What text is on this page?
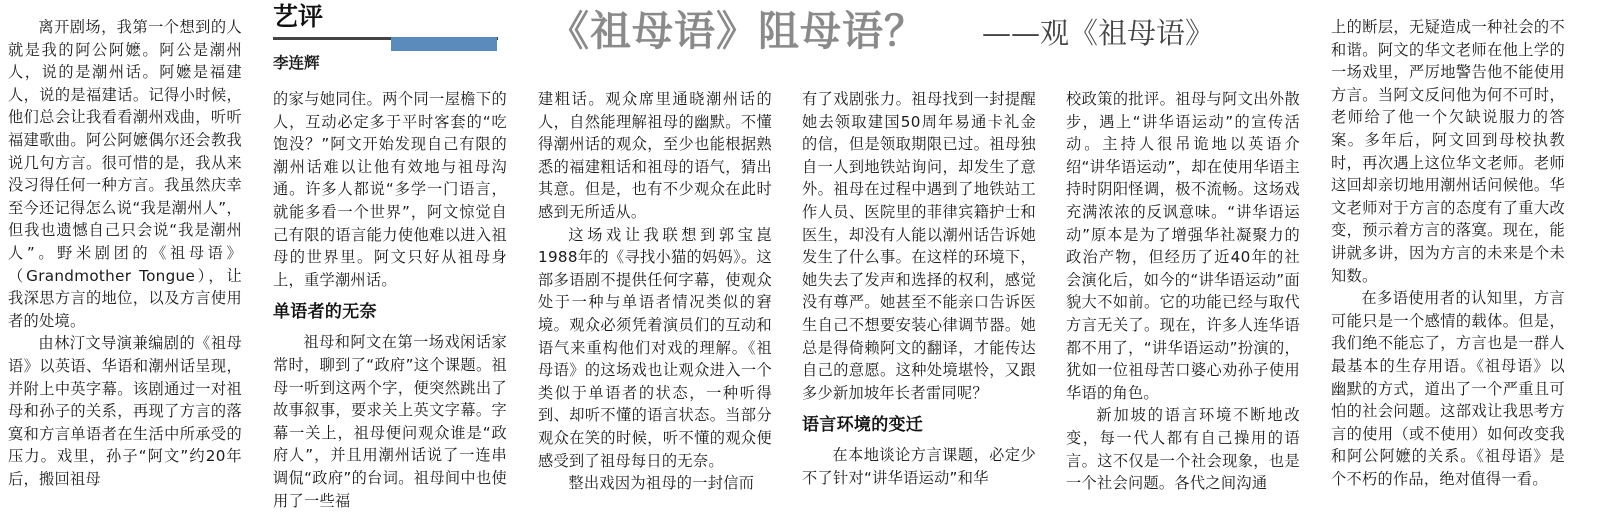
艺评
李连辉
《祖母语》阻母语？ ——观《祖母语》

离开剧场，我第一个想到的人就是我的阿公阿嬷。阿公是潮州人，说的是潮州话。阿嬷是福建人，说的是福建话。记得小时候，他们总会让我看看潮州戏曲，听听福建歌曲。阿公阿嬷偶尔还会教我说几句方言。很可惜的是，我从来没习得任何一种方言。我虽然庆幸至今还记得怎么说“我是潮州人”，但我也遗憾自己只会说“我是潮州人”。野米剧团的《祖母语》（Grandmother Tongue），让我深思方言的地位，以及方言使用者的处境。

由林汀文导演兼编剧的《祖母语》以英语、华语和潮州话呈现，并附上中英字幕。该剧通过一对祖母和孙子的关系，再现了方言的落寞和方言单语者在生活中所承受的压力。戏里，孙子“阿文”约20年后，搬回祖母

的家与她同住。两个同一屋檐下的人，互动必定多于平时客套的“吃饱没？”阿文开始发现自己有限的潮州话难以让他有效地与祖母沟通。许多人都说“多学一门语言，就能多看一个世界”，阿文惊觉自己有限的语言能力使他难以进入祖母的世界里。阿文只好从祖母身上，重学潮州话。

单语者的无奈

祖母和阿文在第一场戏闲话家常时，聊到了“政府”这个课题。祖母一听到这两个字，便突然跳出了故事叙事，要求关上英文字幕。字幕一关上，祖母便问观众谁是“政府人”，并且用潮州话说了一连串调侃“政府”的台词。祖母间中也使用了一些福

建粗话。观众席里通晓潮州话的人，自然能理解祖母的幽默。不懂得潮州话的观众，至少也能根据熟悉的福建粗话和祖母的语气，猜出其意。但是，也有不少观众在此时感到无所适从。

这场戏让我联想到郭宝崑1988年的《寻找小猫的妈妈》。这部多语剧不提供任何字幕，使观众处于一种与单语者情况类似的窘境。观众必须凭着演员们的互动和语气来重构他们对戏的理解。《祖母语》的这场戏也让观众进入一个类似于单语者的状态，一种听得到、却听不懂的语言状态。当部分观众在笑的时候，听不懂的观众便感受到了祖母每日的无奈。

整出戏因为祖母的一封信而

有了戏剧张力。祖母找到一封提醒她去领取建国50周年易通卡礼金的信，但是领取期限已过。祖母独自一人到地铁站询问，却发生了意外。祖母在过程中遇到了地铁站工作人员、医院里的菲律宾籍护士和医生，却没有人能以潮州话告诉她发生了什么事。在这样的环境下，她失去了发声和选择的权利，感觉没有尊严。她甚至不能亲口告诉医生自己不想要安装心律调节器。她总是得倚赖阿文的翻译，才能传达自己的意愿。这种处境堪怜，又跟多少新加坡年长者雷同呢？

语言环境的变迁

在本地谈论方言课题，必定少不了针对“讲华语运动”和华

校政策的批评。祖母与阿文出外散步，遇上“讲华语运动”的宣传活动。主持人很吊诡地以英语介绍“讲华语运动”，却在使用华语主持时阴阳怪调，极不流畅。这场戏充满浓浓的反讽意味。“讲华语运动”原本是为了增强华社凝聚力的政治产物，但经历了近40年的社会演化后，如今的“讲华语运动”面貌大不如前。它的功能已经与取代方言无关了。现在，许多人连华语都不用了，“讲华语运动”扮演的，犹如一位祖母苦口婆心劝孙子使用华语的角色。

新加坡的语言环境不断地改变，每一代人都有自己操用的语言。这不仅是一个社会现象，也是一个社会问题。各代之间沟通

上的断层，无疑造成一种社会的不和谐。阿文的华文老师在他上学的一场戏里，严厉地警告他不能使用方言。当阿文反问他为何不可时，老师给了他一个欠缺说服力的答案。多年后，阿文回到母校执教时，再次遇上这位华文老师。老师这回却亲切地用潮州话问候他。华文老师对于方言的态度有了重大改变，预示着方言的落寞。现在，能讲就多讲，因为方言的未来是个未知数。

在多语使用者的认知里，方言可能只是一个感情的载体。但是，我们绝不能忘了，方言也是一群人最基本的生存用语。《祖母语》以幽默的方式，道出了一个严重且可怕的社会问题。这部戏让我思考方言的使用（或不使用）如何改变我和阿公阿嬷的关系。《祖母语》是个不朽的作品，绝对值得一看。
